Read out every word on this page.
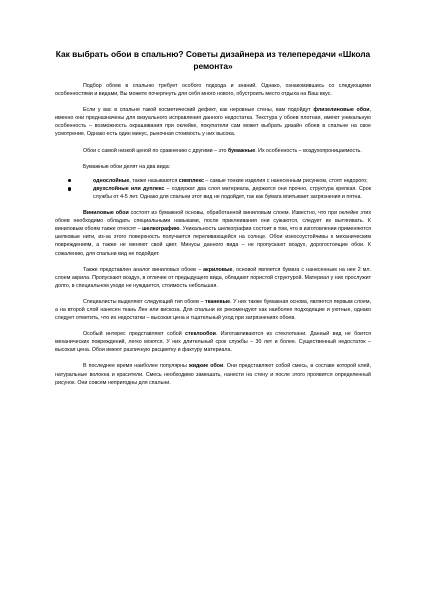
Как выбрать обои в спальню? Советы дизайнера из телепередачи «Школа ремонта»

Подбор обоев в спальню требует особого подхода и знаний. Однако, ознакомившись со следующими особенностями и видами, Вы можете почерпнуть для себя много нового, обустроить место отдыха на Ваш вкус.

Если у вас в спальне такой косметический дефект, как неровные стены, вам подойдут флизелиновые обои, именно они предназначены для визуального исправления данного недостатка. Текстура у обоев плотная, имеют уникальную особенность – возможность окрашивания при оклейке, покупатели сам может выбрать дизайн обоев в спальне на свое усмотрение. Однако есть один минус, рыночная стоимость у них высока.

Обои с самой низкой ценой по сравнению с другими – это бумажные. Их особенность – воздухопроницаемость.

Бумажные обои делят на два вида:

однослойные, также называются симплекс – самые тонкие изделия с нанесенным рисунком, стоят недорого;
двухслойные или дуплекс – содержат два слоя материала, держатся они прочно, структура крепкая. Срок службы от 4-5 лет. Однако для спальни этот вид не подойдет, так как бумага впитывает загрязнения и пятна.

Виниловые обои состоят из бумажной основы, обработанной виниловым слоем. Известно, что при оклейке этих обоев необходимо обладать специальными навыками, после приклеивания они сужаются, следует их вытягивать. К виниловым обоям также относят – шелкографию. Уникальность шелкографии состоит в том, что в изготовлении применяются шелковые нити, из-за этого поверхность получается переливающейся на солнце. Обои износоустойчивы к механическим повреждениям, а также не меняют свой цвет. Минусы данного вида – не пропускают воздух, дорогостоящие обои. К сожалению, для спальни вид не подойдет.

Также представлен аналог виниловых обоев – акриловые, основой является бумага с нанесенным на нее 2 мл. слоем акрила. Пропускают воздух, в отличие от предыдущего вида, обладают пористой структурой. Материал у них прослужит долго, в специальном уходе не нуждается, стоимость небольшая.

Специалисты выделяют следующий тип обоев – тканевые. У них также бумажная основа, является первым слоем, а на второй слой нанесен ткань Лен или вискоза. Для спальни их рекомендуют как наиболее подходящие и уютные, однако следует отметить, что их недостатки – высокая цена и тщательный уход при загрязнениях обоев.

Особый интерес представляют собой стеклообои. Изготавливаются из стеклоткани. Данный вид не боится механических повреждений, легко моются. У них длительный срок службы – 30 лет и более. Существенный недостаток – высокая цена. Обои имеют различную расцветку и фактуру материала.

В последнее время наиболее популярны жидкие обои. Они представляют собой смесь, в составе которой клей, натуральные волокна и красители. Смесь необходимо замешать, нанести на стену и после этого проявится определенный рисунок. Они совсем непригодны для спальни.
